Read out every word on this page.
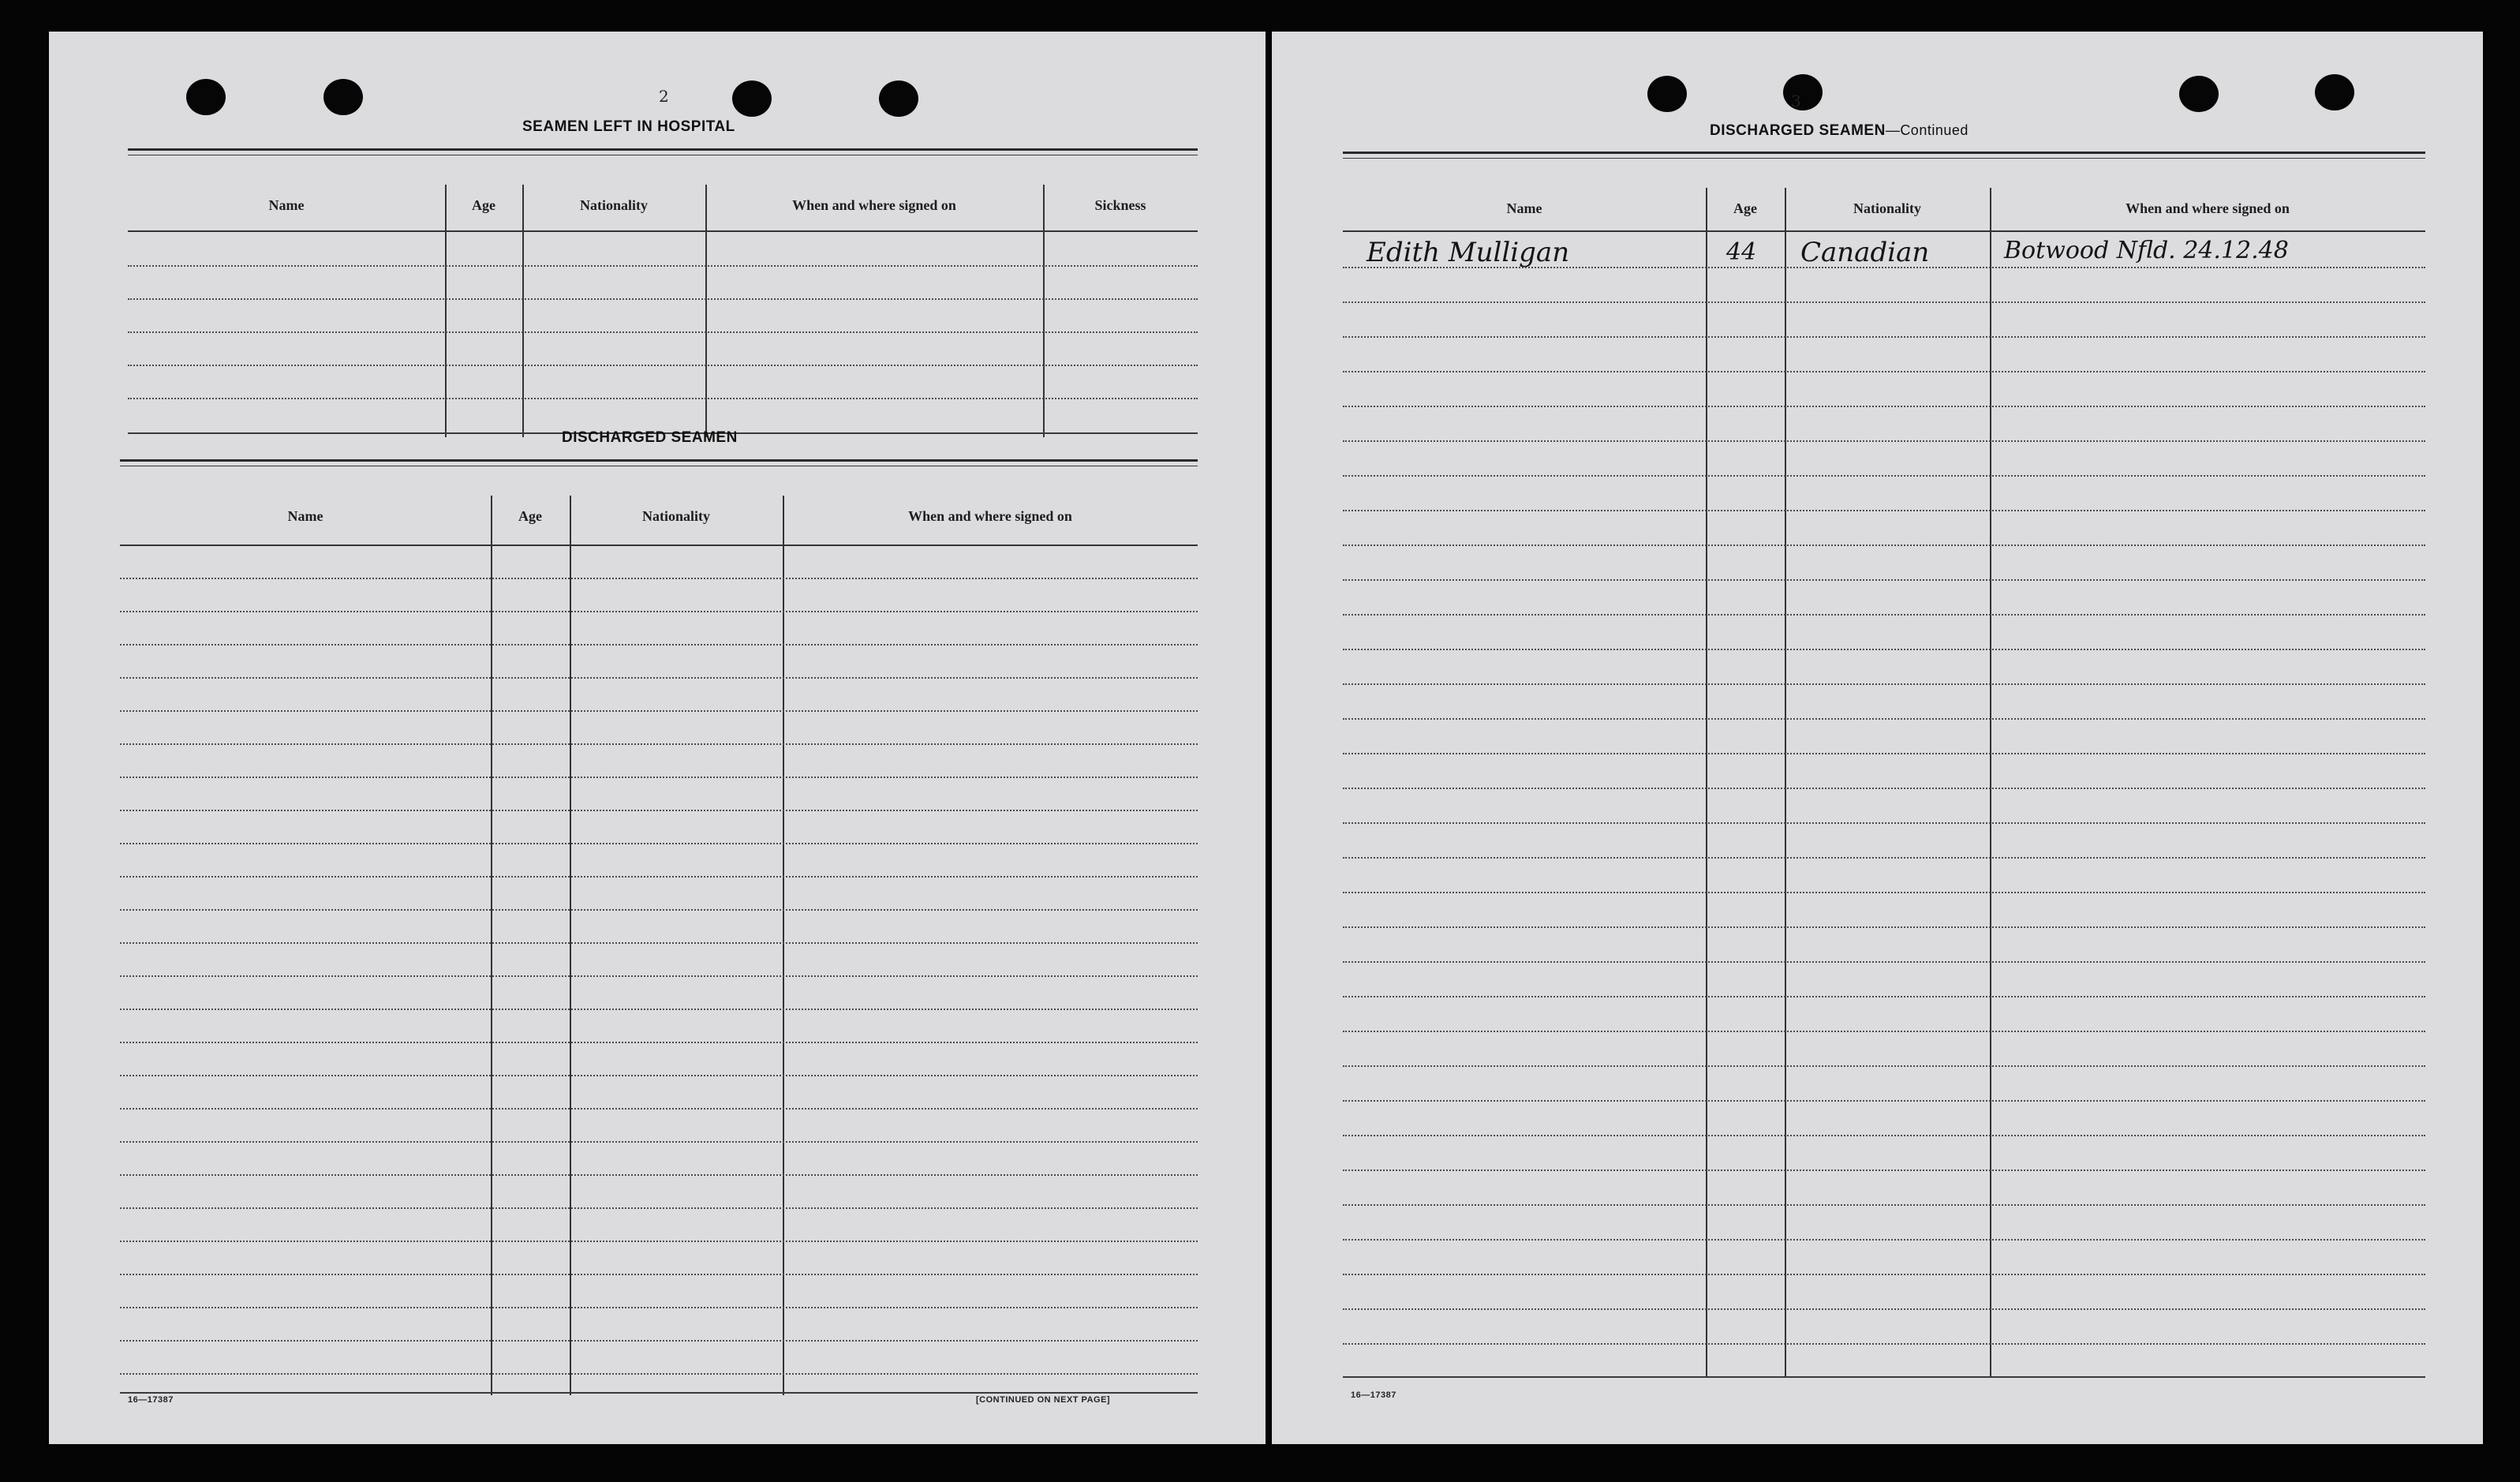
2
SEAMEN LEFT IN HOSPITAL
Name	Age	Nationality	When and where signed on	Sickness
DISCHARGED SEAMEN
Name	Age	Nationality	When and where signed on
16—17387	[CONTINUED ON NEXT PAGE]
3
DISCHARGED SEAMEN—Continued
Name	Age	Nationality	When and where signed on
Edith Mulligan	44 Canadian	Botwood Nfld. 24.12.48
16—17387
